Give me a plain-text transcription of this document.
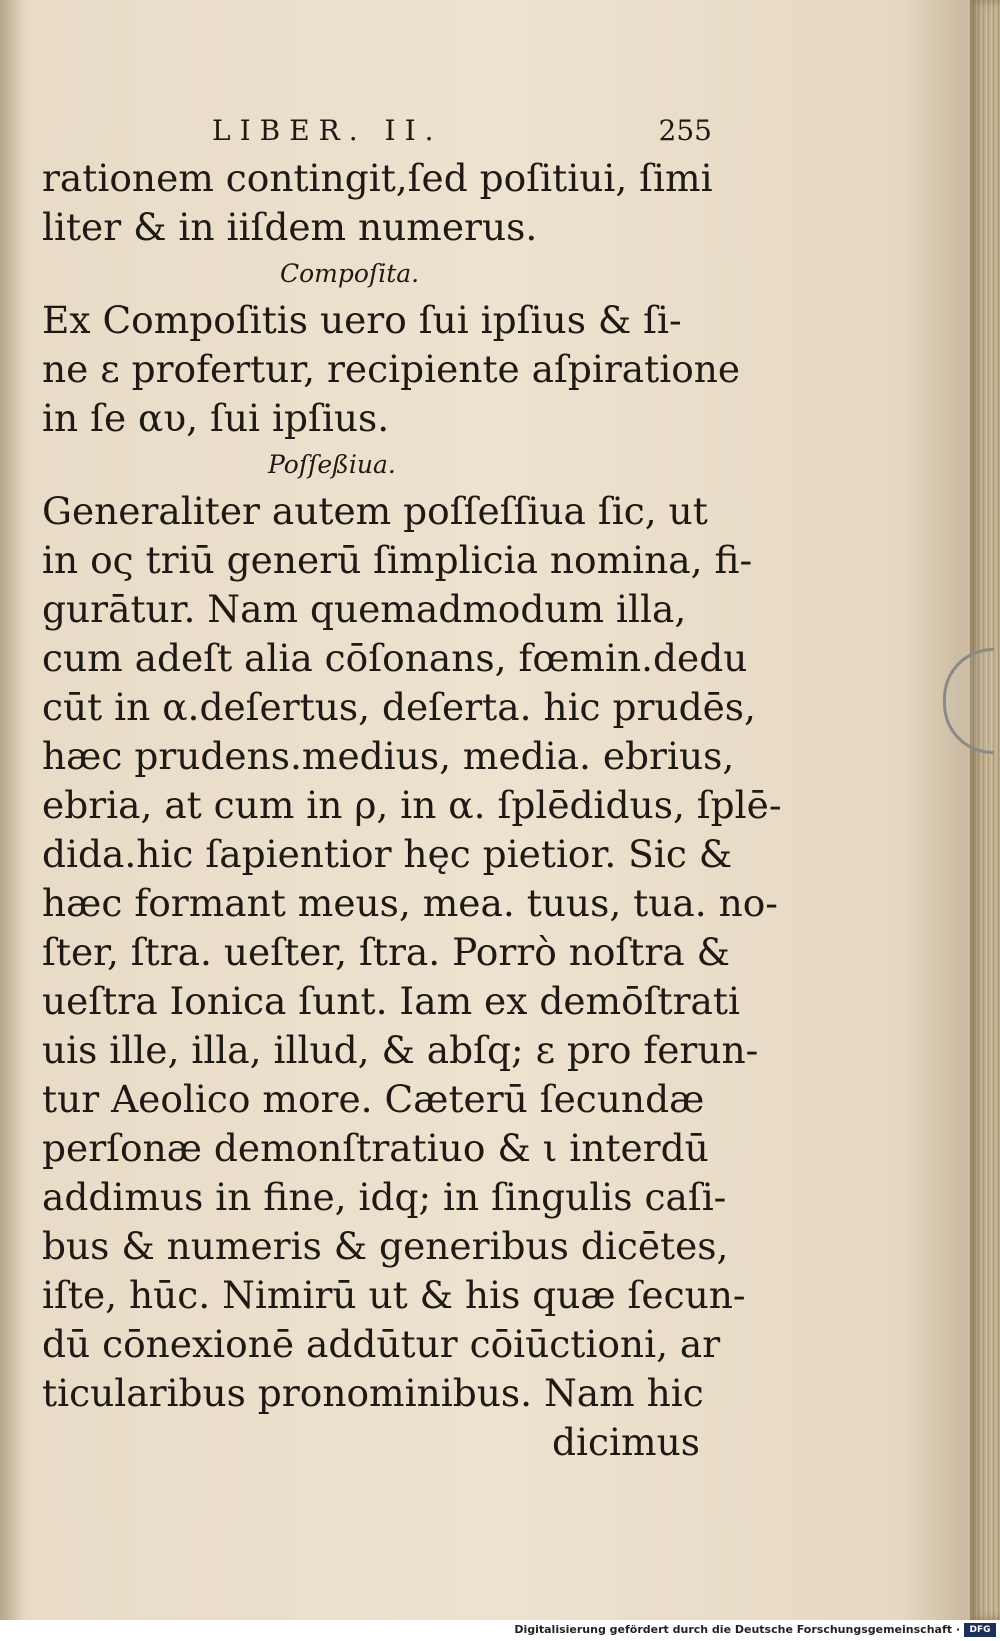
LIBER. II.	255
rationem contingit,ſed poſitiui, ſimi
liter & in iiſdem numerus.
Compoſita.
Ex Compoſitis uero ſui ipſius & ſi-
ne ε profertur, recipiente aſpiratione
in ſe αυ, ſui ipſius.
Poſſeßiua.
Generaliter autem poſſeſſiua ſic, ut
in ος triū generū ſimplicia nomina, fi-
gurātur. Nam quemadmodum illa,
cum adeſt alia cōſonans, fœmin.dedu
cūt in α.deſertus, deſerta. hic prudēs,
hæc prudens.medius, media. ebrius,
ebria, at cum in ρ, in α. ſplēdidus, ſplē-
dida.hic ſapientior hęc pietior. Sic &
hæc formant meus, mea. tuus, tua. no-
ſter, ſtra. ueſter, ſtra. Porrò noſtra &
ueſtra Ionica ſunt. Iam ex demōſtrati
uis ille, illa, illud, & abſq; ε pro ferun-
tur Aeolico more. Cæterū ſecundæ
perſonæ demonſtratiuo & ι interdū
addimus in fine, idq; in ſingulis caſi-
bus & numeris & generibus dicētes,
iſte, hūc. Nimirū ut & his quæ ſecun-
dū cōnexionē addūtur cōiūctioni, ar
ticularibus pronominibus. Nam hic
dicimus
Digitalisierung gefördert durch die Deutsche Forschungsgemeinschaft ·	DFG
